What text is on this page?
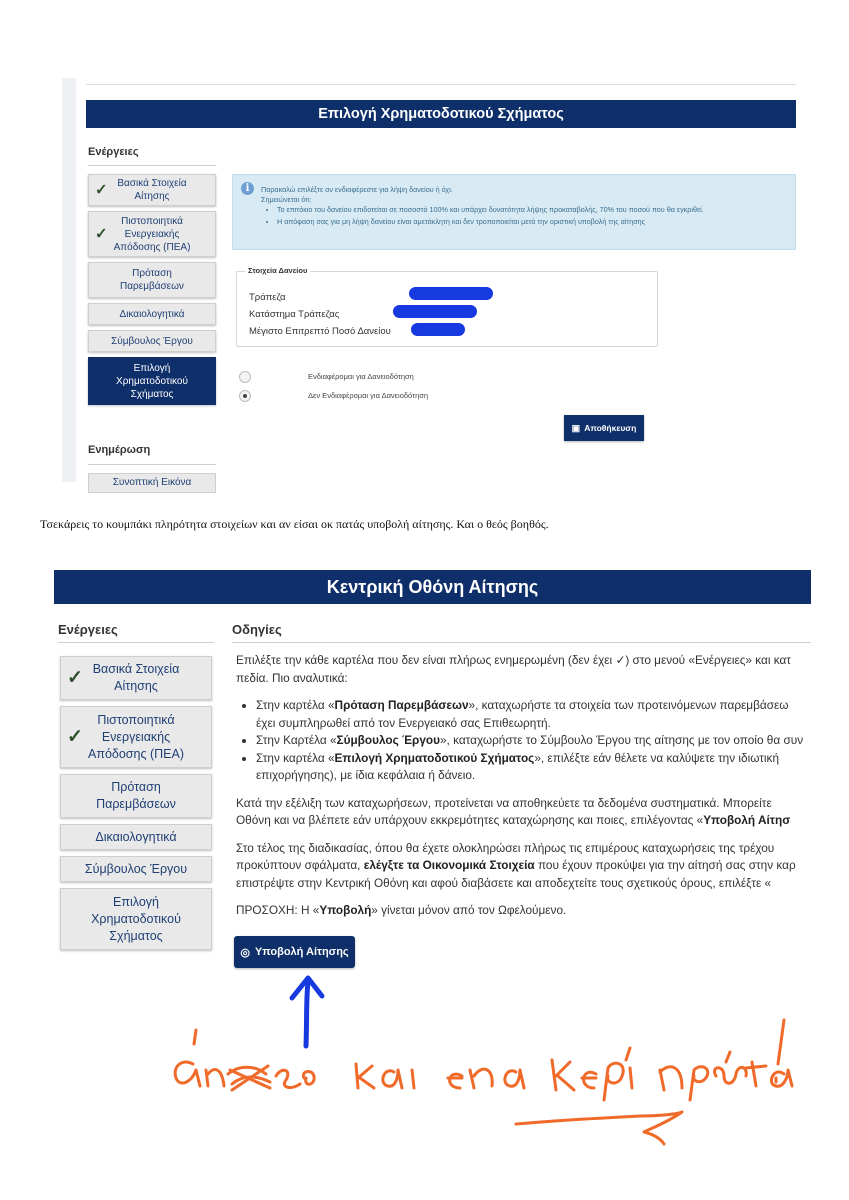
Επιλογή Χρηματοδοτικού Σχήματος
Ενέργειες
✓ Βασικά Στοιχεία
Αίτησης
✓
Πιστοποιητικά
Ενεργειακής
Απόδοσης (ΠΕΑ)
Πρόταση
Παρεμβάσεων
Δικαιολογητικά
Σύμβουλος Έργου
Επιλογή
Χρηματοδοτικού
Σχήματος
Ενημέρωση
Συνοπτική Εικόνα
i	Παρακαλώ επιλέξτε αν ενδιαφέρεστε για λήψη δανείου ή όχι.

Σημειώνεται ότι:

• Το επιτόκιο του δανείου επιδοτείται σε ποσοστό 100% και υπάρχει δυνατότητα λήψης προκαταβολής, 70% του ποσού που θα εγκριθεί.
• Η απόφαση σας για μη λήψη δανείου είναι αμετάκλητη και δεν τροποποιείται μετά την οριστική υποβολή της αίτησης
Στοιχεία Δανείου
Τράπεζα
Κατάστημα Τράπεζας
Μέγιστο Επιτρεπτό Ποσό Δανείου
Ενδιαφέρομαι για Δανειοδότηση
Δεν Ενδιαφέρομαι για Δανειοδότηση
▣ Αποθήκευση
Τσεκάρεις το κουμπάκι πληρότητα στοιχείων και αν είσαι οκ πατάς υποβολή αίτησης. Και ο θεός βοηθός.
Κεντρική Οθόνη Αίτησης
Ενέργειες
✓ Βασικά Στοιχεία
Αίτησης
✓
Πιστοποιητικά
Ενεργειακής
Απόδοσης (ΠΕΑ)
Πρόταση
Παρεμβάσεων
Δικαιολογητικά
Σύμβουλος Έργου
Επιλογή
Χρηματοδοτικού
Σχήματος
Οδηγίες

Επιλέξτε την κάθε καρτέλα που δεν είναι πλήρως ενημερωμένη (δεν έχει ✓) στο μενού «Ενέργειες» και κατ
πεδία. Πιο αναλυτικά:

• Στην καρτέλα «Πρόταση Παρεμβάσεων», καταχωρήστε τα στοιχεία των προτεινόμενων παρεμβάσεω
έχει συμπληρωθεί από τον Ενεργειακό σας Επιθεωρητή.
• Στην Καρτέλα «Σύμβουλος Έργου», καταχωρήστε το Σύμβουλο Έργου της αίτησης με τον οποίο θα συν
• Στην καρτέλα «Επιλογή Χρηματοδοτικού Σχήματος», επιλέξτε εάν θέλετε να καλύψετε την ιδιωτική
επιχορήγησης), με ίδια κεφάλαια ή δάνειο.

Κατά την εξέλιξη των καταχωρήσεων, προτείνεται να αποθηκεύετε τα δεδομένα συστηματικά. Μπορείτε
Οθόνη και να βλέπετε εάν υπάρχουν εκκρεμότητες καταχώρησης και ποιες, επιλέγοντας «Υποβολή Αίτησ

Στο τέλος της διαδικασίας, όπου θα έχετε ολοκληρώσει πλήρως τις επιμέρους καταχωρήσεις της τρέχου
προκύπτουν σφάλματα, ελέγξτε τα Οικονομικά Στοιχεία που έχουν προκύψει για την αίτησή σας στην καρ
επιστρέψτε στην Κεντρική Οθόνη και αφού διαβάσετε και αποδεχτείτε τους σχετικούς όρους, επιλέξτε «

ΠΡΟΣΟΧΗ: Η «Υποβολή» γίνεται μόνον από τον Ωφελούμενο.

◎ Υποβολή Αίτησης
